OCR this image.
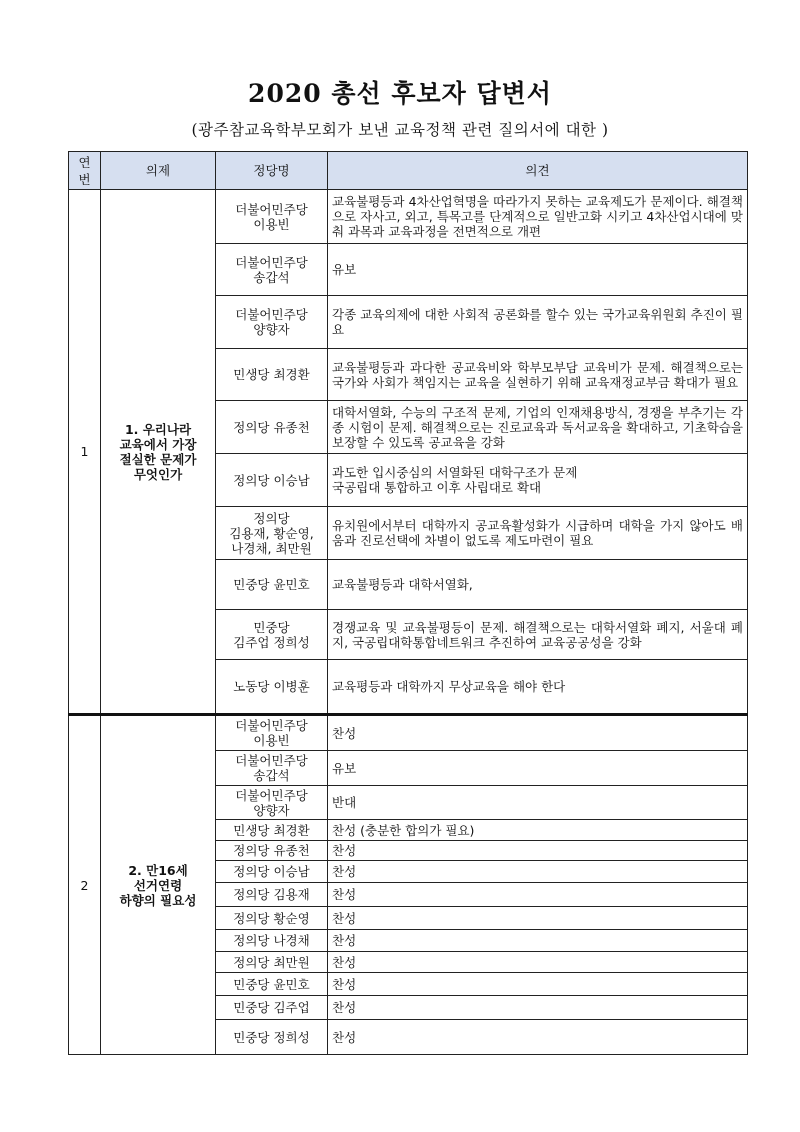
2020 총선 후보자 답변서
(광주참교육학부모회가 보낸 교육정책 관련 질의서에 대한 )
연
번	의제	정당명	의견
1	1. 우리나라
교육에서 가장
절실한 문제가
무엇인가	더불어민주당
이용빈	교육불평등과 4차산업혁명을 따라가지 못하는 교육제도가 문제이다. 해결책으로 자사고, 외고, 특목고를 단계적으로 일반고화 시키고 4차산업시대에 맞춰 과목과 교육과정을 전면적으로 개편
		더불어민주당
송갑석	유보
		더불어민주당
양향자	각종 교육의제에 대한 사회적 공론화를 할수 있는 국가교육위원회 추진이 필요
		민생당 최경환	교육불평등과 과다한 공교육비와 학부모부담 교육비가 문제. 해결책으로는 국가와 사회가 책임지는 교육을 실현하기 위해 교육재정교부금 확대가 필요
		정의당 유종천	대학서열화, 수능의 구조적 문제, 기업의 인재채용방식, 경쟁을 부추기는 각종 시험이 문제. 해결책으로는 진로교육과 독서교육을 확대하고, 기초학습을 보장할 수 있도록 공교육을 강화
		정의당 이승남	과도한 입시중심의 서열화된 대학구조가 문제
국공립대 통합하고 이후 사립대로 확대
		정의당
김용재, 황순영,
나경채, 최만원	유치원에서부터 대학까지 공교육활성화가 시급하며 대학을 가지 않아도 배움과 진로선택에 차별이 없도록 제도마련이 필요
		민중당 윤민호	교육불평등과 대학서열화,
		민중당
김주업 정희성	경쟁교육 및 교육불평등이 문제. 해결책으로는 대학서열화 폐지, 서울대 폐지, 국공립대학통합네트워크 추진하여 교육공공성을 강화
		노동당 이병훈	교육평등과 대학까지 무상교육을 해야 한다
2	2. 만16세
선거연령
하향의 필요성	더불어민주당
이용빈	찬성
		더불어민주당
송갑석	유보
		더불어민주당
양향자	반대
		민생당 최경환	찬성 (충분한 합의가 필요)
		정의당 유종천	찬성
		정의당 이승남	찬성
		정의당 김용재	찬성
		정의당 황순영	찬성
		정의당 나경채	찬성
		정의당 최만원	찬성
		민중당 윤민호	찬성
		민중당 김주업	찬성
		민중당 정희성	찬성
